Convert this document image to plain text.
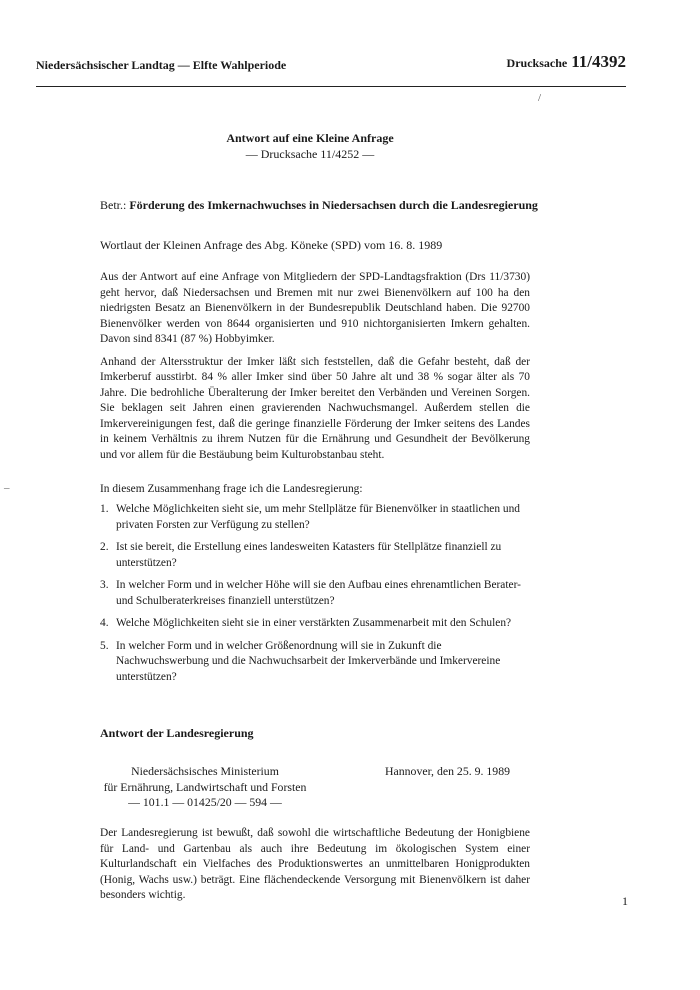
Niedersächsischer Landtag — Elfte Wahlperiode	Drucksache 11/4392
/
–
Antwort auf eine Kleine Anfrage
— Drucksache 11/4252 —
Betr.: Förderung des Imkernachwuchses in Niedersachsen durch die Landesregierung
Wortlaut der Kleinen Anfrage des Abg. Köneke (SPD) vom 16. 8. 1989

Aus der Antwort auf eine Anfrage von Mitgliedern der SPD-Landtagsfraktion (Drs 11/3730) geht hervor, daß Niedersachsen und Bremen mit nur zwei Bienenvölkern auf 100 ha den niedrigsten Besatz an Bienenvölkern in der Bundesrepublik Deutschland haben. Die 92700 Bienenvölker werden von 8644 organisierten und 910 nichtorganisierten Imkern gehalten. Davon sind 8341 (87 %) Hobbyimker.

Anhand der Altersstruktur der Imker läßt sich feststellen, daß die Gefahr besteht, daß der Imkerberuf ausstirbt. 84 % aller Imker sind über 50 Jahre alt und 38 % sogar älter als 70 Jahre. Die bedrohliche Überalterung der Imker bereitet den Verbänden und Vereinen Sorgen. Sie beklagen seit Jahren einen gravierenden Nachwuchsmangel. Außerdem stellen die Imkervereinigungen fest, daß die geringe finanzielle Förderung der Imker seitens des Landes in keinem Verhältnis zu ihrem Nutzen für die Ernährung und Gesundheit der Bevölkerung und vor allem für die Bestäubung beim Kulturobstanbau steht.

In diesem Zusammenhang frage ich die Landesregierung:
1. Welche Möglichkeiten sieht sie, um mehr Stellplätze für Bienenvölker in staatlichen und privaten Forsten zur Verfügung zu stellen?
2. Ist sie bereit, die Erstellung eines landesweiten Katasters für Stellplätze finanziell zu unterstützen?
3. In welcher Form und in welcher Höhe will sie den Aufbau eines ehrenamtlichen Berater- und Schulberaterkreises finanziell unterstützen?
4. Welche Möglichkeiten sieht sie in einer verstärkten Zusammenarbeit mit den Schulen?
5. In welcher Form und in welcher Größenordnung will sie in Zukunft die Nachwuchswerbung und die Nachwuchsarbeit der Imkerverbände und Imkervereine unterstützen?
Antwort der Landesregierung
Niedersächsisches Ministerium
für Ernährung, Landwirtschaft und Forsten
— 101.1 — 01425/20 — 594 —
Hannover, den 25. 9. 1989
Der Landesregierung ist bewußt, daß sowohl die wirtschaftliche Bedeutung der Honigbiene für Land- und Gartenbau als auch ihre Bedeutung im ökologischen System einer Kulturlandschaft ein Vielfaches des Produktionswertes an unmittelbaren Honigprodukten (Honig, Wachs usw.) beträgt. Eine flächendeckende Versorgung mit Bienenvölkern ist daher besonders wichtig.	1
